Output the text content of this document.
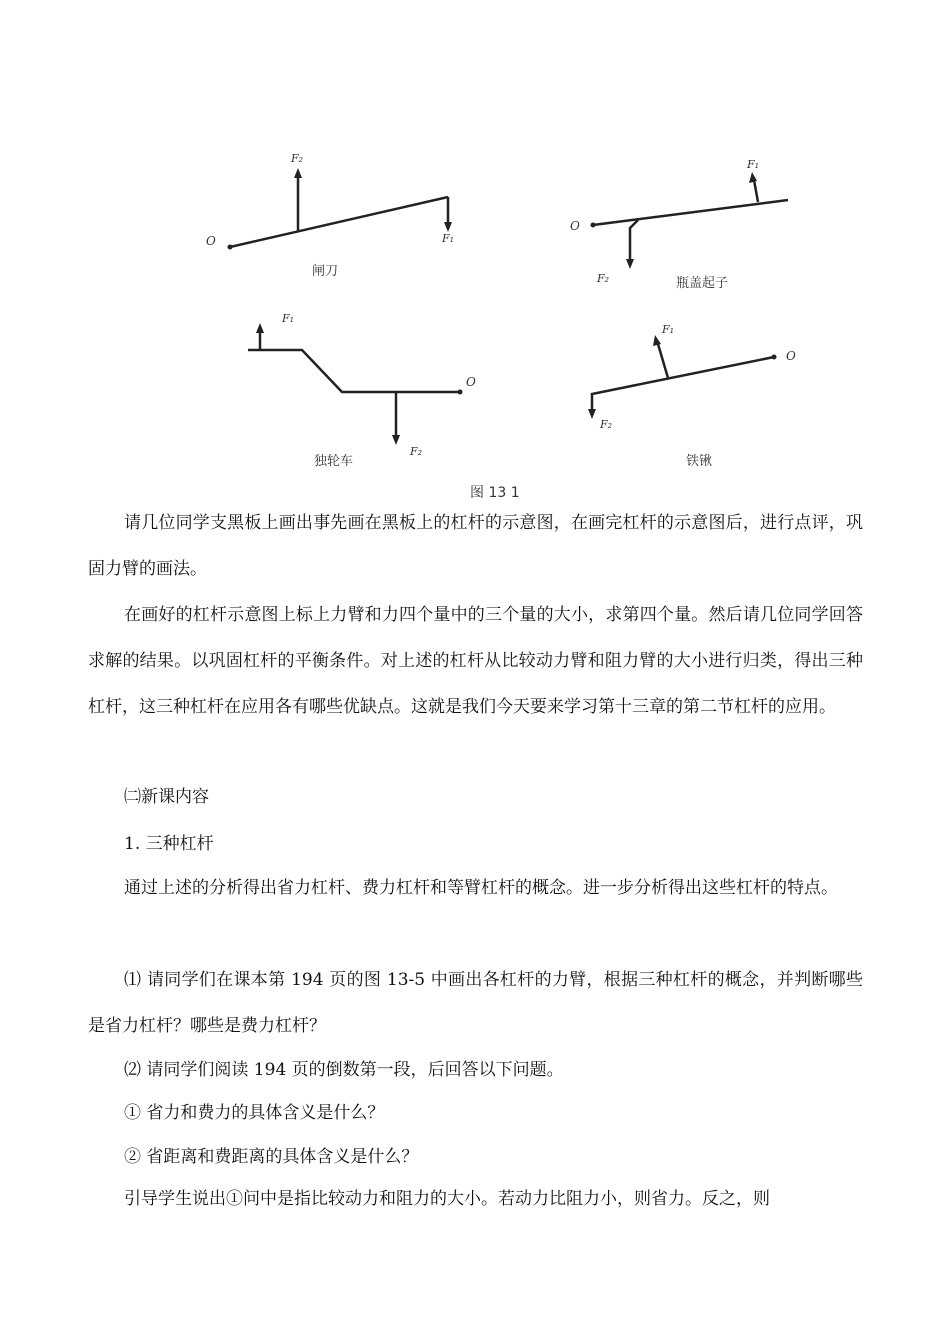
O
F₂
F₁
闸刀
O
F₁
F₂	瓶盖起子
O
F₁
F₂
独轮车
O
F₁
F₂
铁锹
图 13 1

请几位同学支黑板上画出事先画在黑板上的杠杆的示意图，在画完杠杆的示意图后，进行点评，巩固力臂的画法。

在画好的杠杆示意图上标上力臂和力四个量中的三个量的大小，求第四个量。然后请几位同学回答求解的结果。以巩固杠杆的平衡条件。对上述的杠杆从比较动力臂和阻力臂的大小进行归类，得出三种杠杆，这三种杠杆在应用各有哪些优缺点。这就是我们今天要来学习第十三章的第二节杠杆的应用。

㈡新课内容

1. 三种杠杆

通过上述的分析得出省力杠杆、费力杠杆和等臂杠杆的概念。进一步分析得出这些杠杆的特点。

⑴ 请同学们在课本第 194 页的图 13-5 中画出各杠杆的力臂，根据三种杠杆的概念，并判断哪些是省力杠杆？哪些是费力杠杆？

⑵ 请同学们阅读 194 页的倒数第一段，后回答以下问题。

① 省力和费力的具体含义是什么？

② 省距离和费距离的具体含义是什么？

引导学生说出①问中是指比较动力和阻力的大小。若动力比阻力小，则省力。反之，则
